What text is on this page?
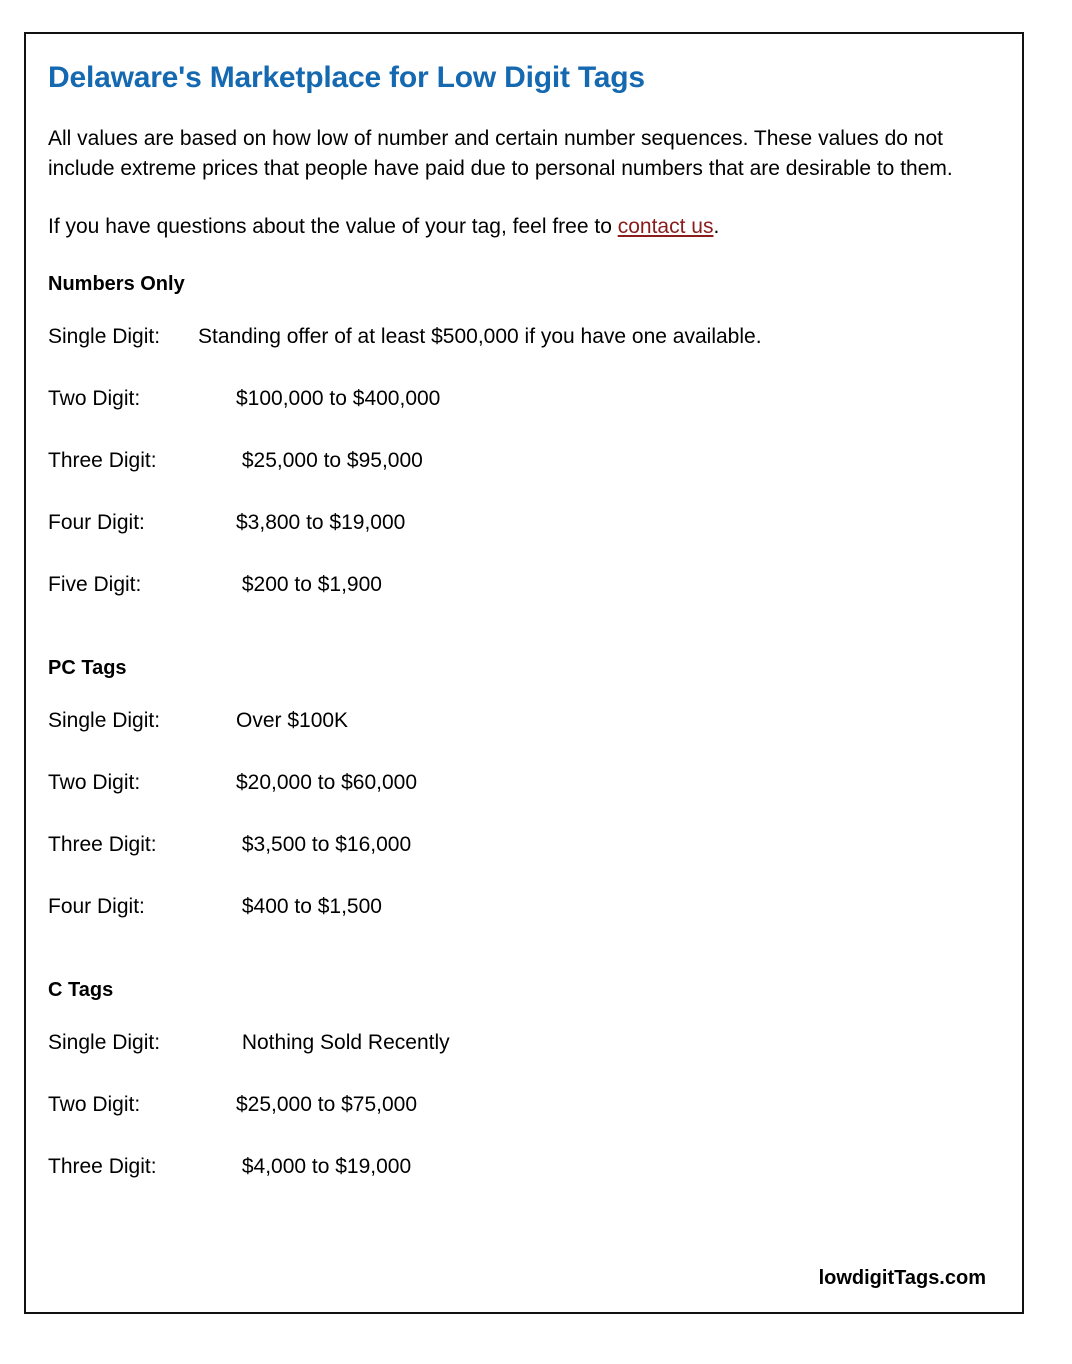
Delaware's Marketplace for Low Digit Tags

All values are based on how low of number and certain number sequences. These values do not include extreme prices that people have paid due to personal numbers that are desirable to them.

If you have questions about the value of your tag, feel free to contact us.

Numbers Only
Single Digit: Standing offer of at least $500,000 if you have one available.
Two Digit:	$100,000 to $400,000
Three Digit:	$25,000 to $95,000
Four Digit:	$3,800 to $19,000
Five Digit:	$200 to $1,900
PC Tags
Single Digit:	Over $100K
Two Digit:	$20,000 to $60,000
Three Digit:	$3,500 to $16,000
Four Digit:	$400 to $1,500
C Tags
Single Digit:	Nothing Sold Recently
Two Digit:	$25,000 to $75,000
Three Digit:	$4,000 to $19,000
lowdigitTags.com
